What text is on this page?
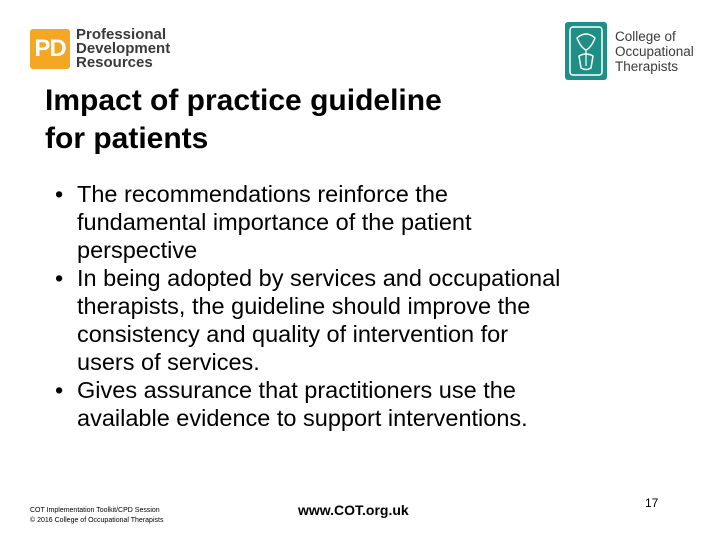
PD
Professional
Development
Resources
College of
Occupational
Therapists
Impact of practice guideline
for patients
• The recommendations reinforce the
fundamental importance of the patient
perspective
• In being adopted by services and occupational
therapists, the guideline should improve the
consistency and quality of intervention for
users of services.
• Gives assurance that practitioners use the
available evidence to support interventions.
COT Implementation Toolkit/CPD Session
© 2016 College of Occupational Therapists
www.COT.org.uk	17
